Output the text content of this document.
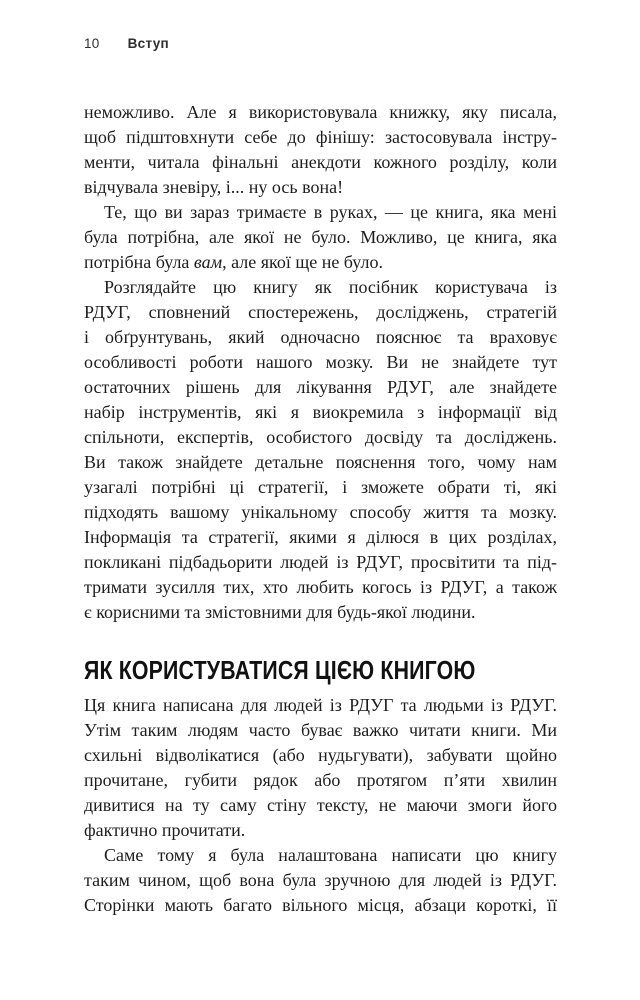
10 Вступ
неможливо. Але я використовувала книжку, яку писала,
щоб підштовхнути себе до фінішу: застосовувала інстру-
менти, читала фінальні анекдоти кожного розділу, коли
відчувала зневіру, і... ну ось вона!
Те, що ви зараз тримаєте в руках, — це книга, яка мені
була потрібна, але якої не було. Можливо, це книга, яка
потрібна була вам, але якої ще не було.
Розглядайте цю книгу як посібник користувача із
РДУГ, сповнений спостережень, досліджень, стратегій
і обґрунтувань, який одночасно пояснює та враховує
особливості роботи нашого мозку. Ви не знайдете тут
остаточних рішень для лікування РДУГ, але знайдете
набір інструментів, які я виокремила з інформації від
спільноти, експертів, особистого досвіду та досліджень.
Ви також знайдете детальне пояснення того, чому нам
узагалі потрібні ці стратегії, і зможете обрати ті, які
підходять вашому унікальному способу життя та мозку.
Інформація та стратегії, якими я ділюся в цих розділах,
покликані підбадьорити людей із РДУГ, просвітити та під-
тримати зусилля тих, хто любить когось із РДУГ, а також
є корисними та змістовними для будь-якої людини.
ЯК КОРИСТУВАТИСЯ ЦІЄЮ КНИГОЮ
Ця книга написана для людей із РДУГ та людьми із РДУГ.
Утім таким людям часто буває важко читати книги. Ми
схильні відволікатися (або нудьгувати), забувати щойно
прочитане, губити рядок або протягом п’яти хвилин
дивитися на ту саму стіну тексту, не маючи змоги його
фактично прочитати.
Саме тому я була налаштована написати цю книгу
таким чином, щоб вона була зручною для людей із РДУГ.
Сторінки мають багато вільного місця, абзаци короткі, її
